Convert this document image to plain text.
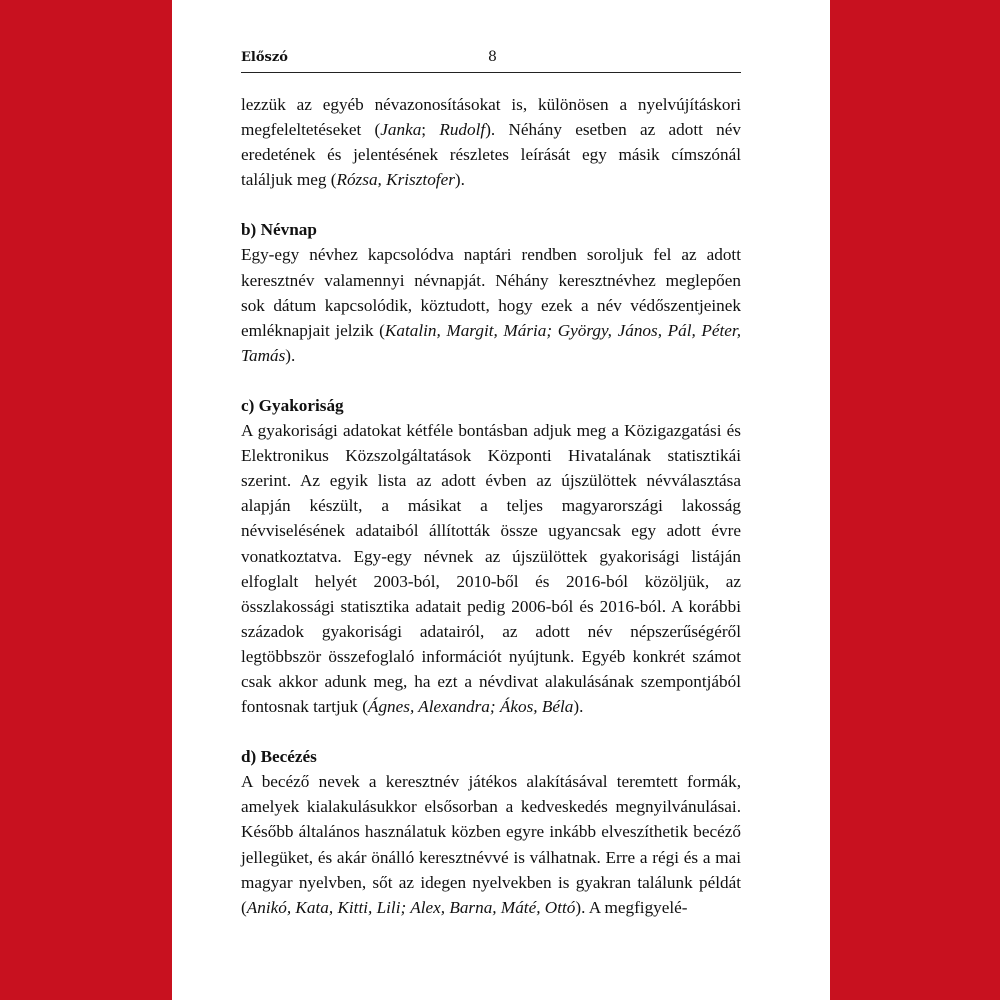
Előszó	8

lezzük az egyéb névazonosításokat is, különösen a nyelvújításkori megfeleltetéseket (Janka; Rudolf). Néhány esetben az adott név eredetének és jelentésének részletes leírását egy másik címszónál találjuk meg (Rózsa, Krisztofer).

b) Névnap

Egy-egy névhez kapcsolódva naptári rendben soroljuk fel az adott keresztnév valamennyi névnapját. Néhány keresztnévhez meglepően sok dátum kapcsolódik, köztudott, hogy ezek a név védőszentjeinek emléknapjait jelzik (Katalin, Margit, Mária; György, János, Pál, Péter, Tamás).

c) Gyakoriság

A gyakorisági adatokat kétféle bontásban adjuk meg a Közigazgatási és Elektronikus Közszolgáltatások Központi Hivatalának statisztikái szerint. Az egyik lista az adott évben az újszülöttek névválasztása alapján készült, a másikat a teljes magyarországi lakosság névviselésének adataiból állították össze ugyancsak egy adott évre vonatkoztatva. Egy-egy névnek az újszülöttek gyakorisági listáján elfoglalt helyét 2003-ból, 2010-ből és 2016-ból közöljük, az összlakossági statisztika adatait pedig 2006-ból és 2016-ból. A korábbi századok gyakorisági adatairól, az adott név népszerűségéről legtöbbször összefoglaló információt nyújtunk. Egyéb konkrét számot csak akkor adunk meg, ha ezt a névdivat alakulásának szempontjából fontosnak tartjuk (Ágnes, Alexandra; Ákos, Béla).

d) Becézés

A becéző nevek a keresztnév játékos alakításával teremtett formák, amelyek kialakulásukkor elsősorban a kedveskedés megnyilvánulásai. Később általános használatuk közben egyre inkább elveszíthetik becéző jellegüket, és akár önálló keresztnévvé is válhatnak. Erre a régi és a mai magyar nyelvben, sőt az idegen nyelvekben is gyakran találunk példát (Anikó, Kata, Kitti, Lili; Alex, Barna, Máté, Ottó). A megfigyelé-
